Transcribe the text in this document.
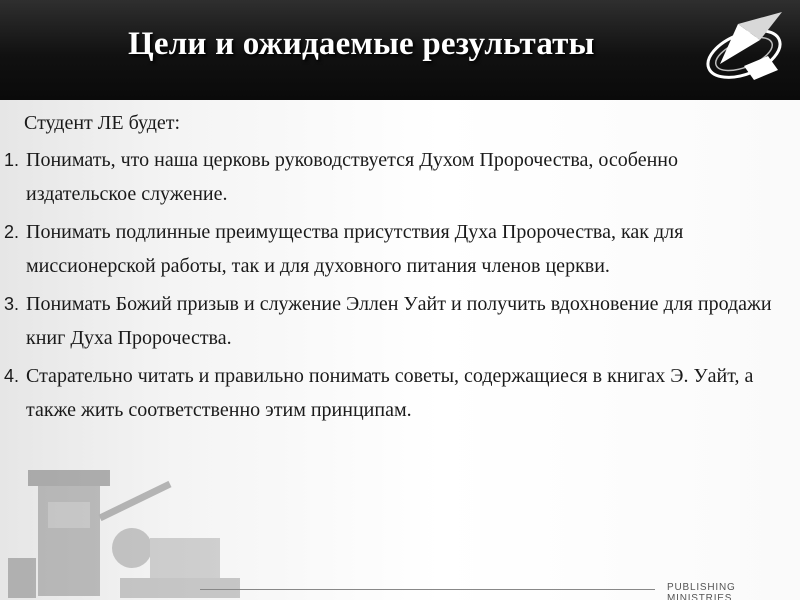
Цели и ожидаемые результаты
Студент ЛЕ будет:
1. Понимать, что наша церковь руководствуется Духом Пророчества, особенно издательское служение.
2. Понимать подлинные преимущества присутствия Духа Пророчества, как для миссионерской работы, так и для духовного питания членов церкви.
3. Понимать Божий призыв и служение Эллен Уайт и получить вдохновение для продажи книг Духа Пророчества.
4. Старательно читать и правильно понимать советы, содержащиеся в книгах Э. Уайт, а также жить соответственно этим принципам.
PUBLISHING MINISTRIES
